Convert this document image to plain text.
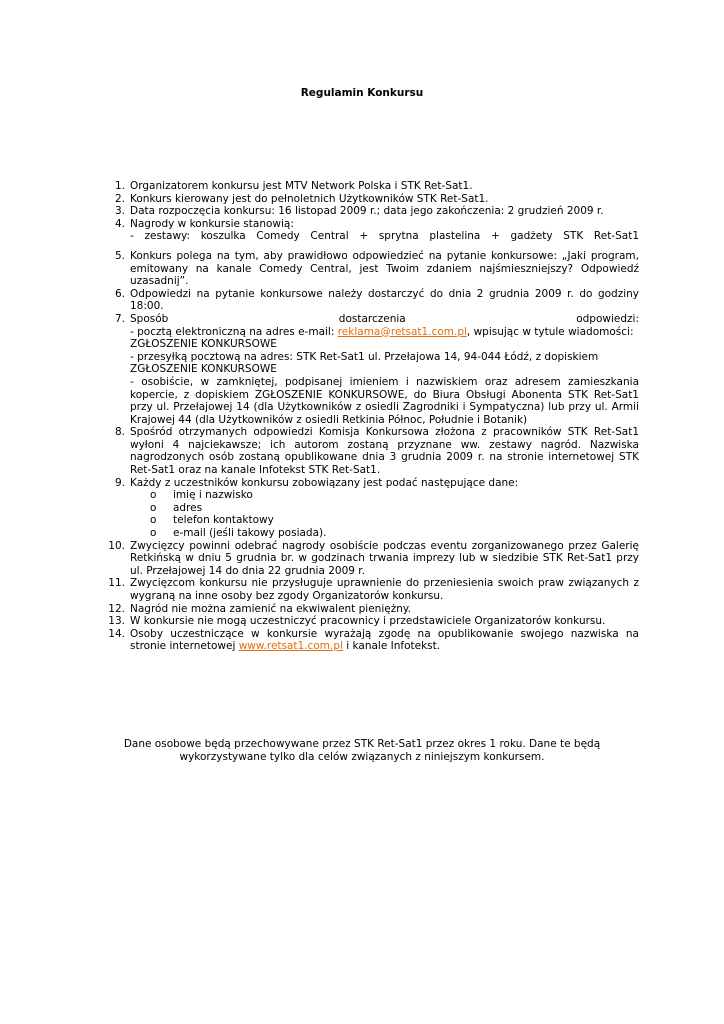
Regulamin Konkursu
1. Organizatorem konkursu jest MTV Network Polska i STK Ret-Sat1.
2. Konkurs kierowany jest do pełnoletnich Użytkowników STK Ret-Sat1.
3. Data rozpoczęcia konkursu: 16 listopad 2009 r.; data jego zakończenia: 2 grudzień 2009 r.
4. Nagrody w konkursie stanowią:
- zestawy: koszulka Comedy Central + sprytna plastelina + gadżety STK Ret-Sat1
5. Konkurs polega na tym, aby prawidłowo odpowiedzieć na pytanie konkursowe: „Jaki program, emitowany na kanale Comedy Central, jest Twoim zdaniem najśmieszniejszy? Odpowiedź uzasadnij”.
6. Odpowiedzi na pytanie konkursowe należy dostarczyć do dnia 2 grudnia 2009 r. do godziny 18:00.
7. Sposób dostarczenia odpowiedzi:
- pocztą elektroniczną na adres e-mail: reklama@retsat1.com.pl, wpisując w tytule wiadomości:
ZGŁOSZENIE KONKURSOWE
- przesyłką pocztową na adres: STK Ret-Sat1 ul. Przełajowa 14, 94-044 Łódź, z dopiskiem
ZGŁOSZENIE KONKURSOWE
- osobiście, w zamkniętej, podpisanej imieniem i nazwiskiem oraz adresem zamieszkania kopercie, z dopiskiem ZGŁOSZENIE KONKURSOWE, do Biura Obsługi Abonenta STK Ret-Sat1 przy ul. Przełajowej 14 (dla Użytkowników z osiedli Zagrodniki i Sympatyczna) lub przy ul. Armii Krajowej 44 (dla Użytkowników z osiedli Retkinia Północ, Południe i Botanik)
8. Spośród otrzymanych odpowiedzi Komisja Konkursowa złożona z pracowników STK Ret-Sat1 wyłoni 4 najciekawsze; ich autorom zostaną przyznane ww. zestawy nagród. Nazwiska nagrodzonych osób zostaną opublikowane dnia 3 grudnia 2009 r. na stronie internetowej STK Ret-Sat1 oraz na kanale Infotekst STK Ret-Sat1.
9. Każdy z uczestników konkursu zobowiązany jest podać następujące dane:
o imię i nazwisko
o adres
o telefon kontaktowy
o e-mail (jeśli takowy posiada).
10. Zwycięzcy powinni odebrać nagrody osobiście podczas eventu zorganizowanego przez Galerię Retkińską w dniu 5 grudnia br. w godzinach trwania imprezy lub w siedzibie STK Ret-Sat1 przy ul. Przełajowej 14 do dnia 22 grudnia 2009 r.
11. Zwycięzcom konkursu nie przysługuje uprawnienie do przeniesienia swoich praw związanych z wygraną na inne osoby bez zgody Organizatorów konkursu.
12. Nagród nie można zamienić na ekwiwalent pieniężny.
13. W konkursie nie mogą uczestniczyć pracownicy i przedstawiciele Organizatorów konkursu.
14. Osoby uczestniczące w konkursie wyrażają zgodę na opublikowanie swojego nazwiska na stronie internetowej www.retsat1.com.pl i kanale Infotekst.
Dane osobowe będą przechowywane przez STK Ret-Sat1 przez okres 1 roku. Dane te będą
wykorzystywane tylko dla celów związanych z niniejszym konkursem.
